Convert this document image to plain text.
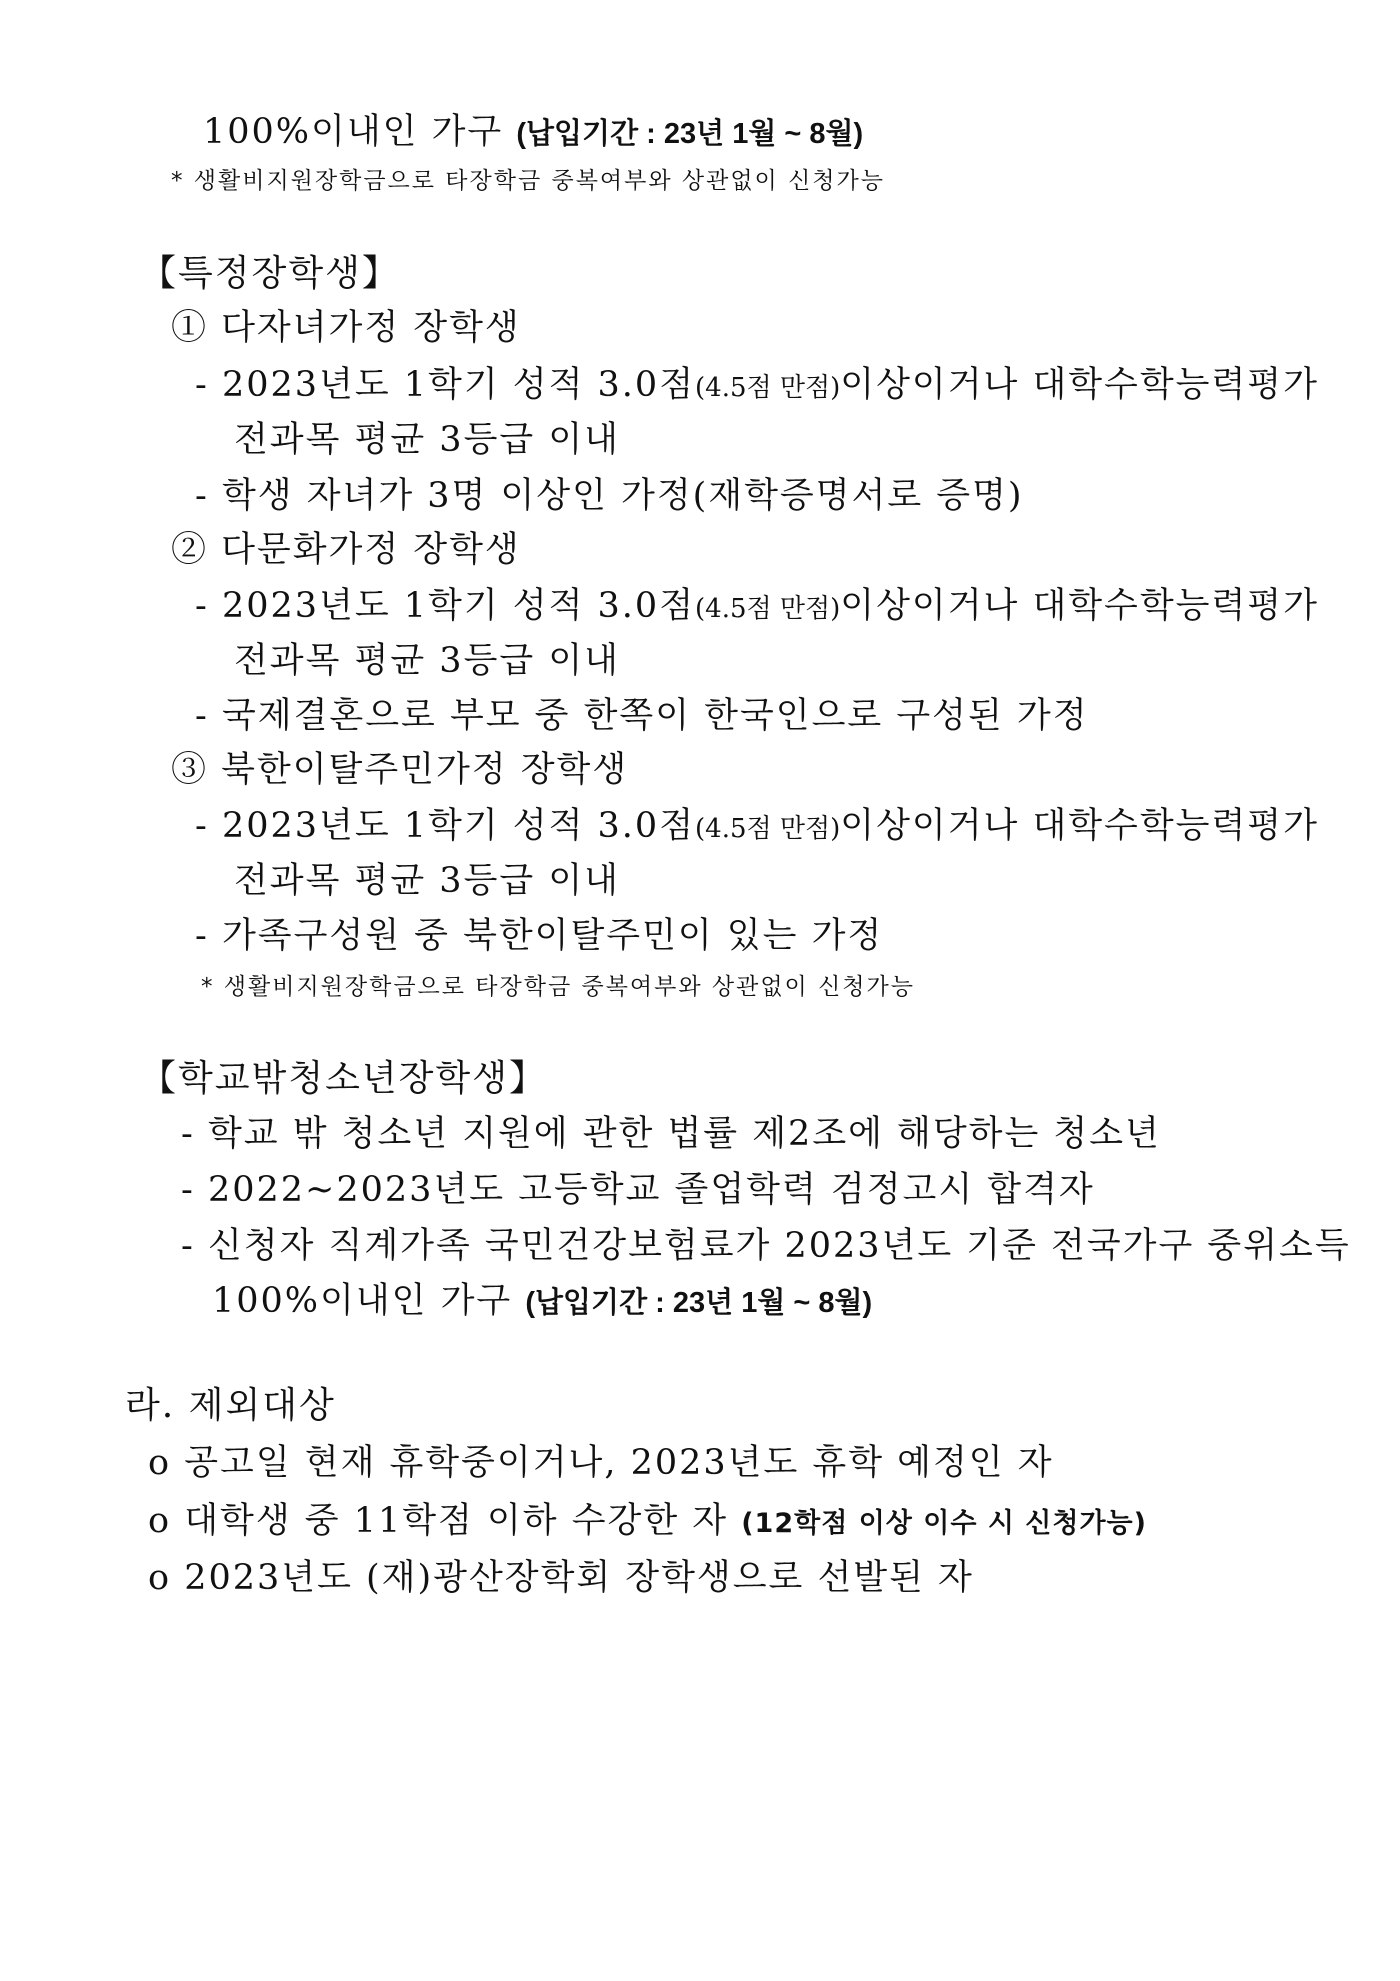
100%이내인 가구 (납입기간 : 23년 1월 ~ 8월)
* 생활비지원장학금으로 타장학금 중복여부와 상관없이 신청가능
【특정장학생】
① 다자녀가정 장학생
- 2023년도 1학기 성적 3.0점(4.5점 만점)이상이거나 대학수학능력평가
전과목 평균 3등급 이내
- 학생 자녀가 3명 이상인 가정(재학증명서로 증명)
② 다문화가정 장학생
- 2023년도 1학기 성적 3.0점(4.5점 만점)이상이거나 대학수학능력평가
전과목 평균 3등급 이내
- 국제결혼으로 부모 중 한쪽이 한국인으로 구성된 가정
③ 북한이탈주민가정 장학생
- 2023년도 1학기 성적 3.0점(4.5점 만점)이상이거나 대학수학능력평가
전과목 평균 3등급 이내
- 가족구성원 중 북한이탈주민이 있는 가정
* 생활비지원장학금으로 타장학금 중복여부와 상관없이 신청가능
【학교밖청소년장학생】
- 학교 밖 청소년 지원에 관한 법률 제2조에 해당하는 청소년
- 2022~2023년도 고등학교 졸업학력 검정고시 합격자
- 신청자 직계가족 국민건강보험료가 2023년도 기준 전국가구 중위소득
100%이내인 가구 (납입기간 : 23년 1월 ~ 8월)
라. 제외대상
o 공고일 현재 휴학중이거나, 2023년도 휴학 예정인 자
o 대학생 중 11학점 이하 수강한 자 (12학점 이상 이수 시 신청가능)
o 2023년도 (재)광산장학회 장학생으로 선발된 자
